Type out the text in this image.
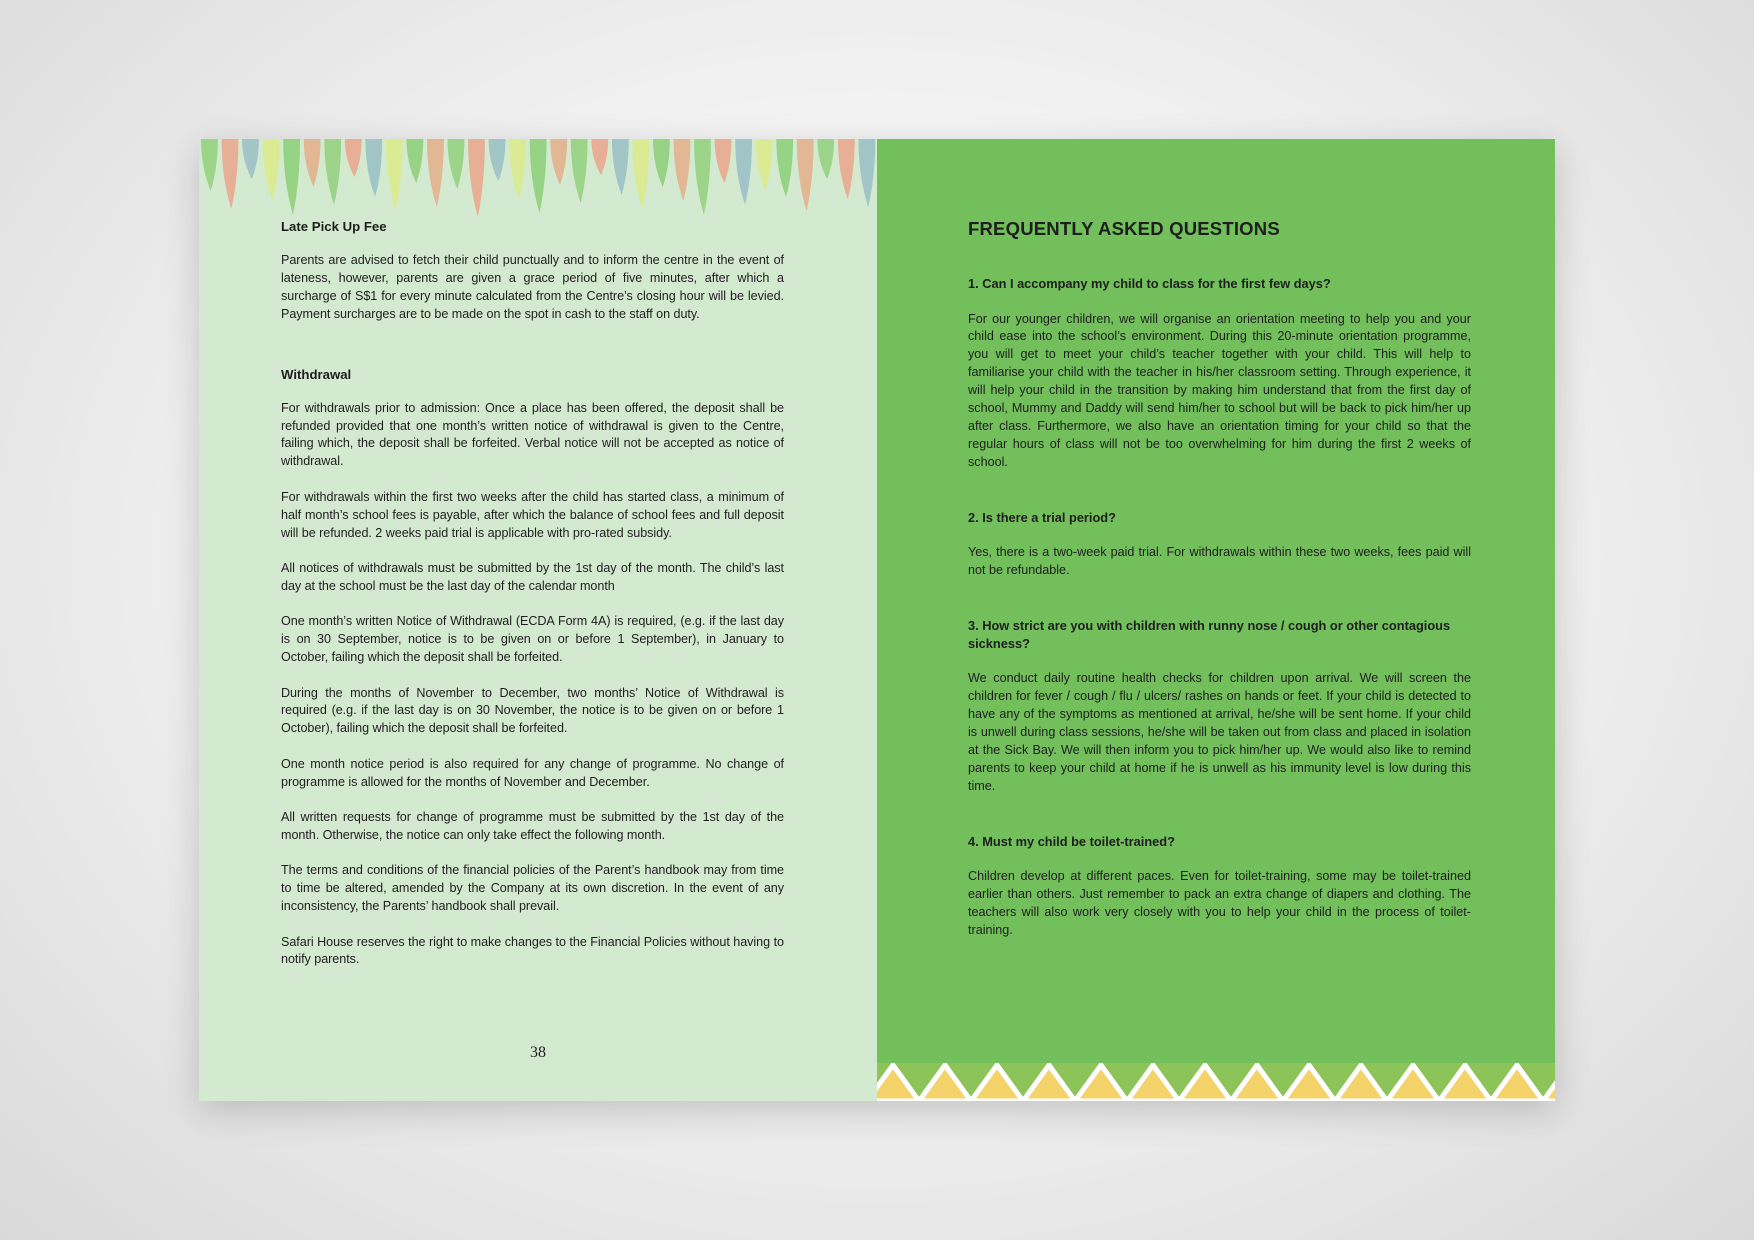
Late Pick Up Fee

Parents are advised to fetch their child punctually and to inform the centre in the event of lateness, however, parents are given a grace period of five minutes, after which a surcharge of S$1 for every minute calculated from the Centre’s closing hour will be levied. Payment surcharges are to be made on the spot in cash to the staff on duty.

Withdrawal

For withdrawals prior to admission: Once a place has been offered, the deposit shall be refunded provided that one month’s written notice of withdrawal is given to the Centre, failing which, the deposit shall be forfeited. Verbal notice will not be accepted as notice of withdrawal.

For withdrawals within the first two weeks after the child has started class, a minimum of half month’s school fees is payable, after which the balance of school fees and full deposit will be refunded. 2 weeks paid trial is applicable with pro-rated subsidy.

All notices of withdrawals must be submitted by the 1st day of the month. The child’s last day at the school must be the last day of the calendar month

One month’s written Notice of Withdrawal (ECDA Form 4A) is required, (e.g. if the last day is on 30 September, notice is to be given on or before 1 September), in January to October, failing which the deposit shall be forfeited.

During the months of November to December, two months’ Notice of Withdrawal is required (e.g. if the last day is on 30 November, the notice is to be given on or before 1 October), failing which the deposit shall be forfeited.

One month notice period is also required for any change of programme. No change of programme is allowed for the months of November and December.

All written requests for change of programme must be submitted by the 1st day of the month. Otherwise, the notice can only take effect the following month.

The terms and conditions of the financial policies of the Parent’s handbook may from time to time be altered, amended by the Company at its own discretion. In the event of any inconsistency, the Parents’ handbook shall prevail.

Safari House reserves the right to make changes to the Financial Policies without having to notify parents.

38
FREQUENTLY ASKED QUESTIONS
1. Can I accompany my child to class for the first few days?

For our younger children, we will organise an orientation meeting to help you and your child ease into the school’s environment. During this 20-minute orientation programme, you will get to meet your child’s teacher together with your child. This will help to familiarise your child with the teacher in his/her classroom setting. Through experience, it will help your child in the transition by making him understand that from the first day of school, Mummy and Daddy will send him/her to school but will be back to pick him/her up after class. Furthermore, we also have an orientation timing for your child so that the regular hours of class will not be too overwhelming for him during the first 2 weeks of school.

2. Is there a trial period?

Yes, there is a two-week paid trial. For withdrawals within these two weeks, fees paid will not be refundable.

3. How strict are you with children with runny nose / cough or other contagious sickness?

We conduct daily routine health checks for children upon arrival. We will screen the children for fever / cough / flu / ulcers/ rashes on hands or feet. If your child is detected to have any of the symptoms as mentioned at arrival, he/she will be sent home. If your child is unwell during class sessions, he/she will be taken out from class and placed in isolation at the Sick Bay. We will then inform you to pick him/her up. We would also like to remind parents to keep your child at home if he is unwell as his immunity level is low during this time.

4. Must my child be toilet-trained?

Children develop at different paces. Even for toilet-training, some may be toilet-trained earlier than others. Just remember to pack an extra change of diapers and clothing. The teachers will also work very closely with you to help your child in the process of toilet-training.
